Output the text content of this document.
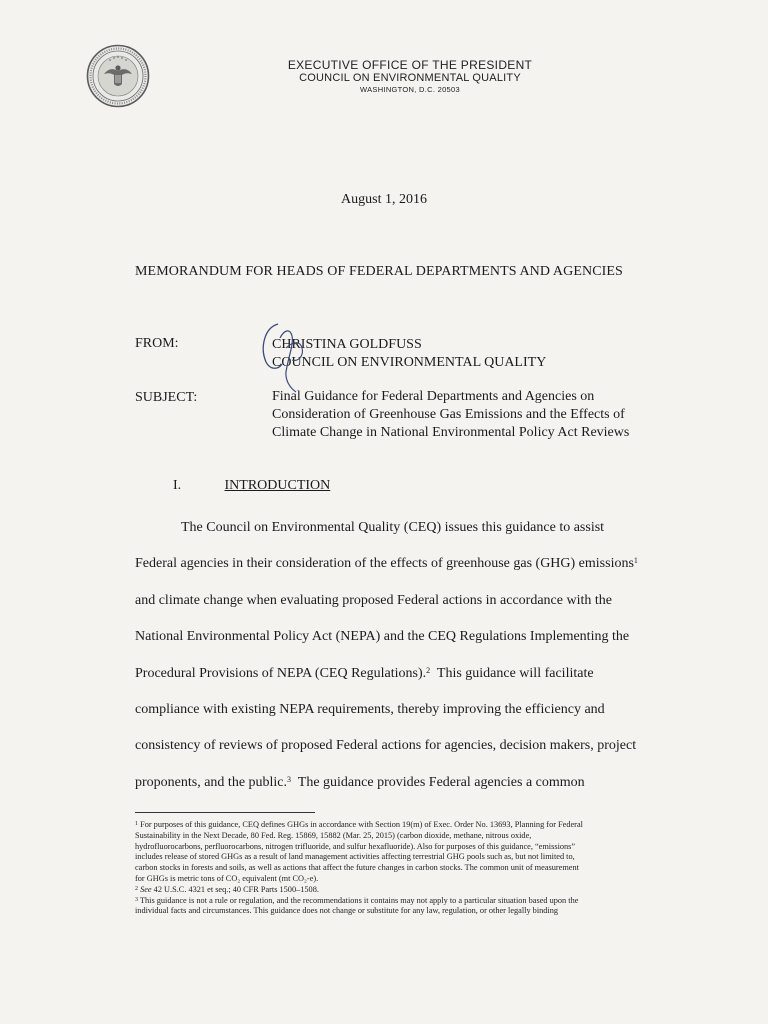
EXECUTIVE OFFICE OF THE PRESIDENT
COUNCIL ON ENVIRONMENTAL QUALITY
WASHINGTON, D.C. 20503
August 1, 2016
MEMORANDUM FOR HEADS OF FEDERAL DEPARTMENTS AND AGENCIES
FROM:	CHRISTINA GOLDFUSS
COUNCIL ON ENVIRONMENTAL QUALITY
SUBJECT:	Final Guidance for Federal Departments and Agencies on
Consideration of Greenhouse Gas Emissions and the Effects of
Climate Change in National Environmental Policy Act Reviews
I.	INTRODUCTION
The Council on Environmental Quality (CEQ) issues this guidance to assist
Federal agencies in their consideration of the effects of greenhouse gas (GHG) emissions$^1$
and climate change when evaluating proposed Federal actions in accordance with the
National Environmental Policy Act (NEPA) and the CEQ Regulations Implementing the
Procedural Provisions of NEPA (CEQ Regulations).$^2$  This guidance will facilitate
compliance with existing NEPA requirements, thereby improving the efficiency and
consistency of reviews of proposed Federal actions for agencies, decision makers, project
proponents, and the public.$^3$  The guidance provides Federal agencies a common
$^1$ For purposes of this guidance, CEQ defines GHGs in accordance with Section 19(m) of Exec. Order No. 13693, Planning for Federal
Sustainability in the Next Decade, 80 Fed. Reg. 15869, 15882 (Mar. 25, 2015) (carbon dioxide, methane, nitrous oxide,
hydrofluorocarbons, perfluorocarbons, nitrogen trifluoride, and sulfur hexafluoride). Also for purposes of this guidance, “emissions”
includes release of stored GHGs as a result of land management activities affecting terrestrial GHG pools such as, but not limited to,
carbon stocks in forests and soils, as well as actions that affect the future changes in carbon stocks. The common unit of measurement
for GHGs is metric tons of CO₂ equivalent (mt CO₂-e).
$^2$ See 42 U.S.C. 4321 et seq.; 40 CFR Parts 1500–1508.
$^3$ This guidance is not a rule or regulation, and the recommendations it contains may not apply to a particular situation based upon the
individual facts and circumstances. This guidance does not change or substitute for any law, regulation, or other legally binding
